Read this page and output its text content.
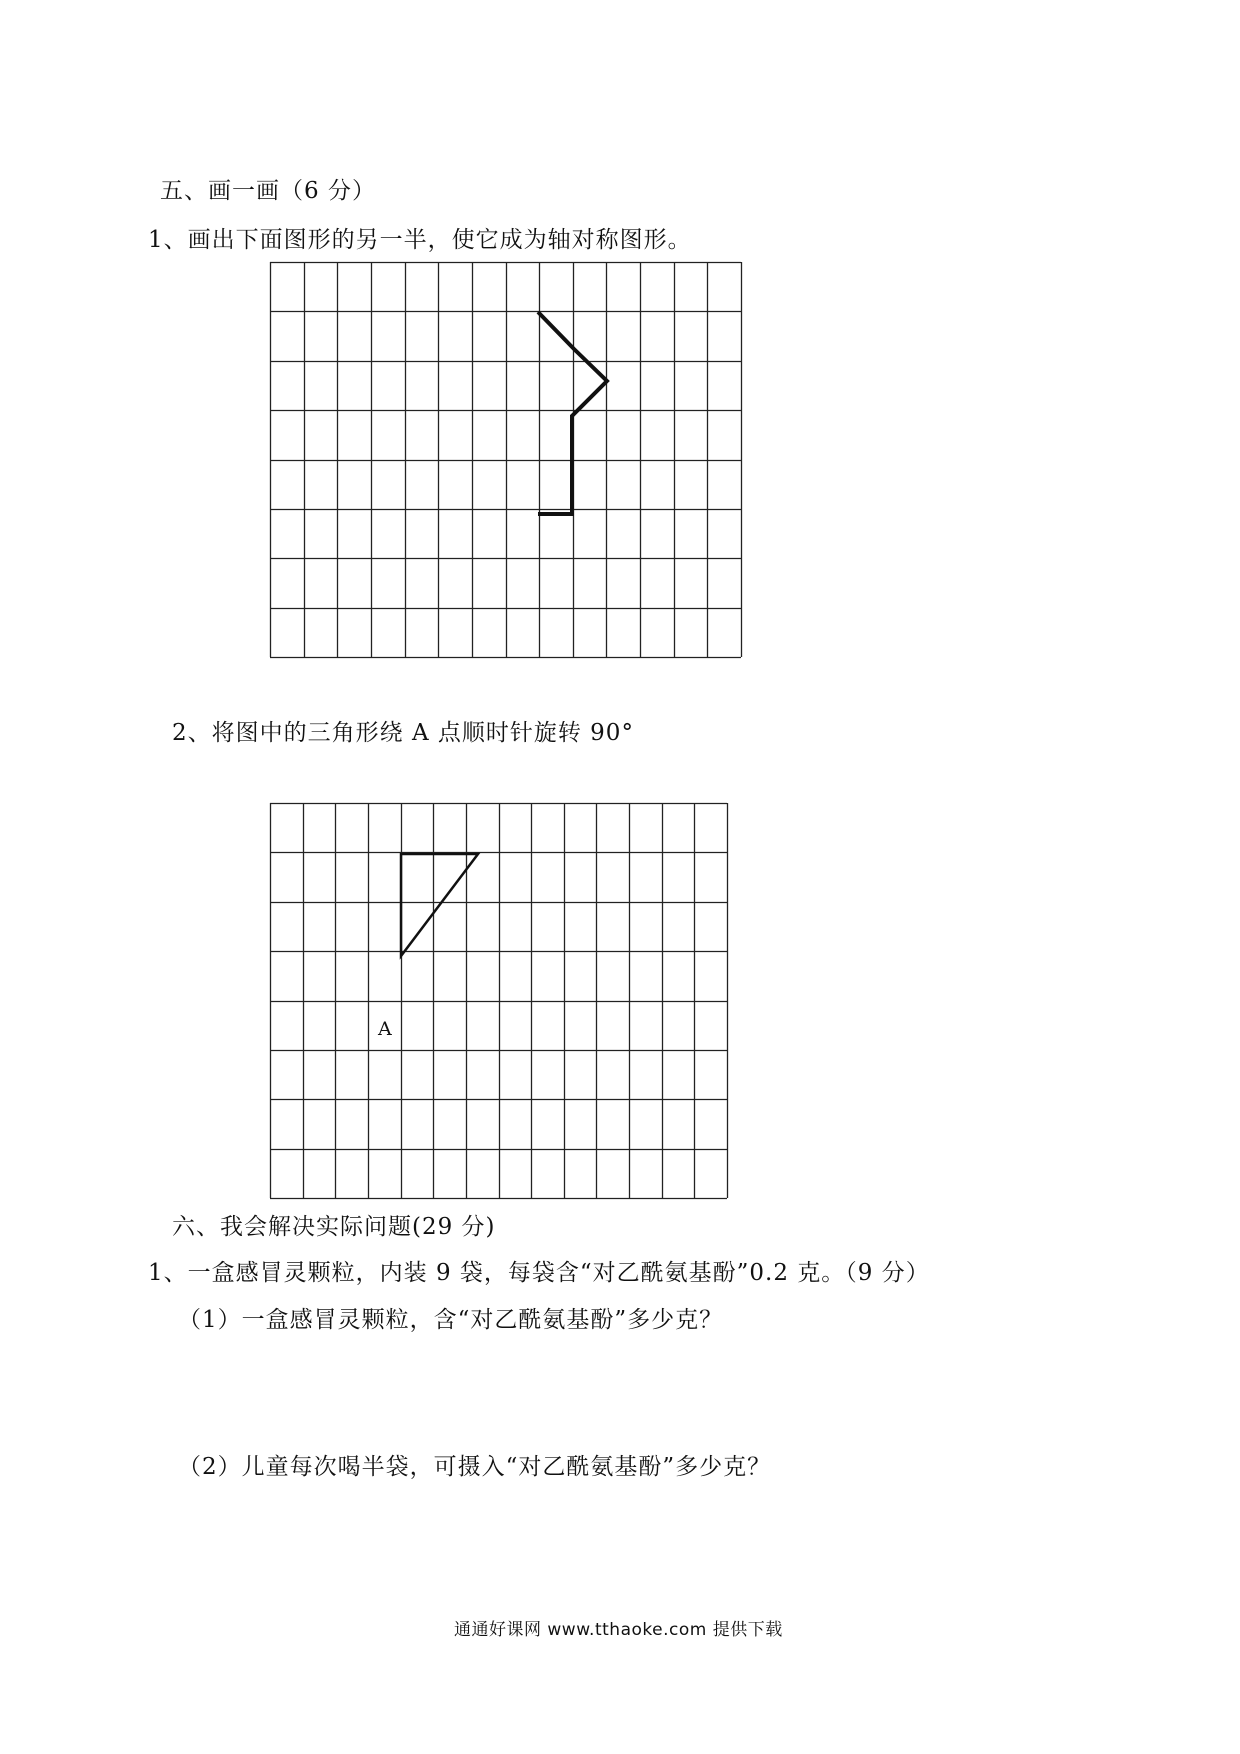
五、画一画（6 分）
1、画出下面图形的另一半，使它成为轴对称图形。
2、将图中的三角形绕 A 点顺时针旋转 90°
A
六、我会解决实际问题(29 分)
1、一盒感冒灵颗粒，内装 9 袋，每袋含“对乙酰氨基酚”0.2 克。（9 分）
（1）一盒感冒灵颗粒，含“对乙酰氨基酚”多少克？
（2）儿童每次喝半袋，可摄入“对乙酰氨基酚”多少克？
通通好课网 www.tthaoke.com 提供下载
